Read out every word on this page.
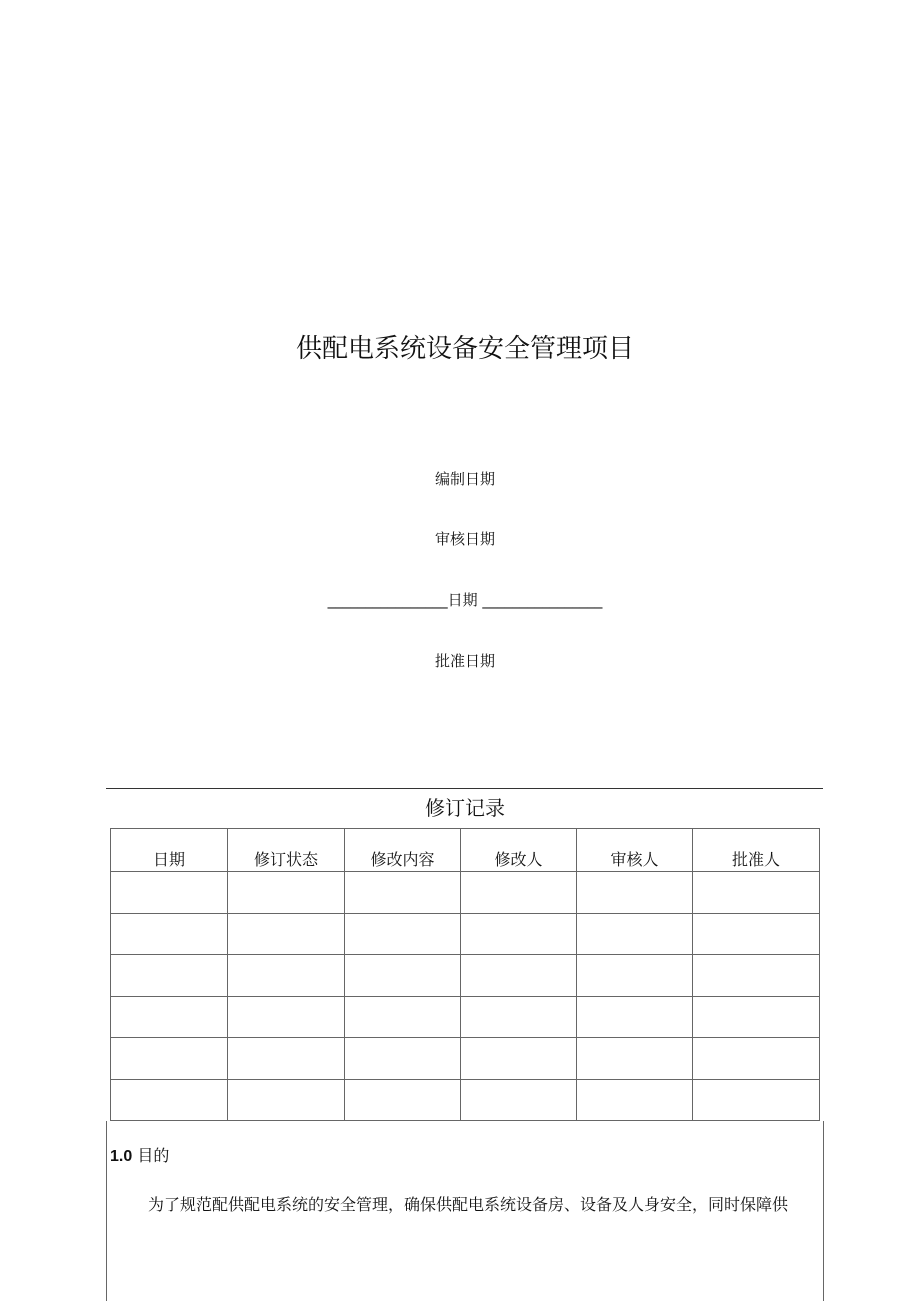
供配电系统设备安全管理项目
编制日期
审核日期
________________日期 ________________
批准日期
修订记录
日期	修订状态	修改内容	修改人	审核人	批准人

1.0 目的
为了规范配供配电系统的安全管理，确保供配电系统设备房、设备及人身安全，同时保障供
